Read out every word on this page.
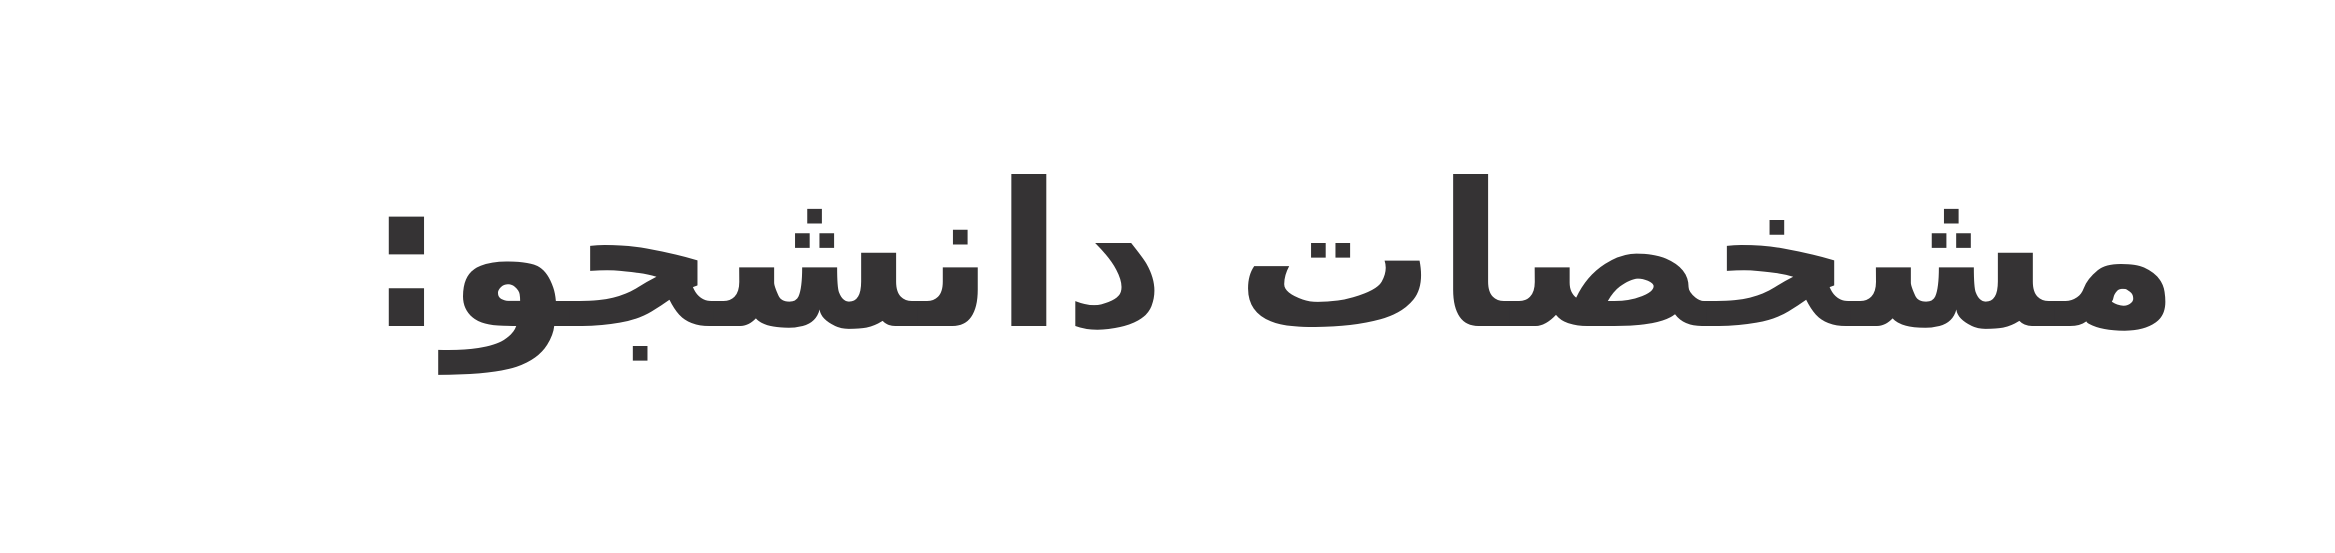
مشخصات دانشجو:
